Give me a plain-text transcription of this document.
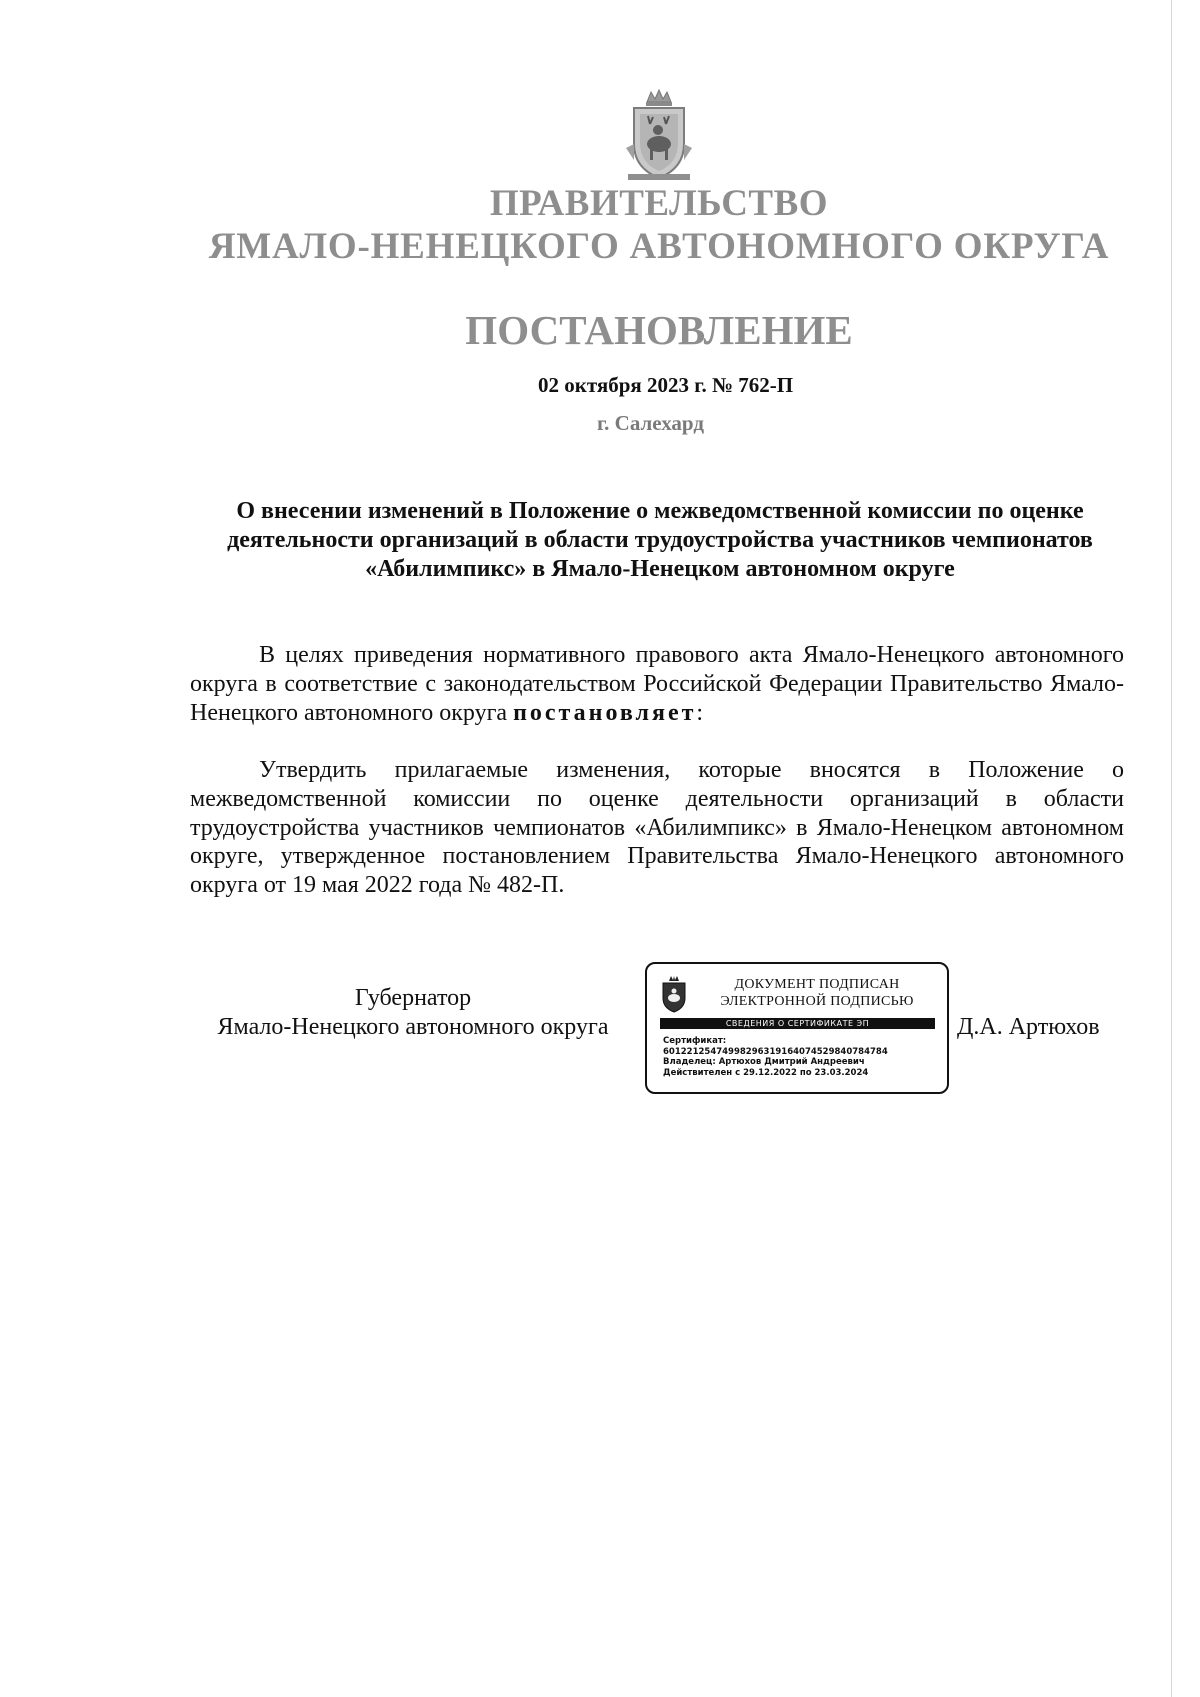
ПРАВИТЕЛЬСТВО
ЯМАЛО-НЕНЕЦКОГО АВТОНОМНОГО ОКРУГА
ПОСТАНОВЛЕНИЕ
02 октября 2023 г. № 762-П
г. Салехард
О внесении изменений в Положение о межведомственной комиссии по оценке деятельности организаций в области трудоустройства участников чемпионатов «Абилимпикс» в Ямало-Ненецком автономном округе
В целях приведения нормативного правового акта Ямало-Ненецкого автономного округа в соответствие с законодательством Российской Федерации Правительство Ямало-Ненецкого автономного округа постановляет:
Утвердить прилагаемые изменения, которые вносятся в Положение о межведомственной комиссии по оценке деятельности организаций в области трудоустройства участников чемпионатов «Абилимпикс» в Ямало-Ненецком автономном округе, утвержденное постановлением Правительства Ямало-Ненецкого автономного округа от 19 мая 2022 года № 482-П.
Губернатор
Ямало-Ненецкого автономного округа
ДОКУМЕНТ ПОДПИСАН
ЭЛЕКТРОННОЙ ПОДПИСЬЮ
СВЕДЕНИЯ О СЕРТИФИКАТЕ ЭП
Сертификат:
60122125474998296319164074529840784784
Владелец: Артюхов Дмитрий Андреевич
Действителен с 29.12.2022 по 23.03.2024
Д.А. Артюхов
